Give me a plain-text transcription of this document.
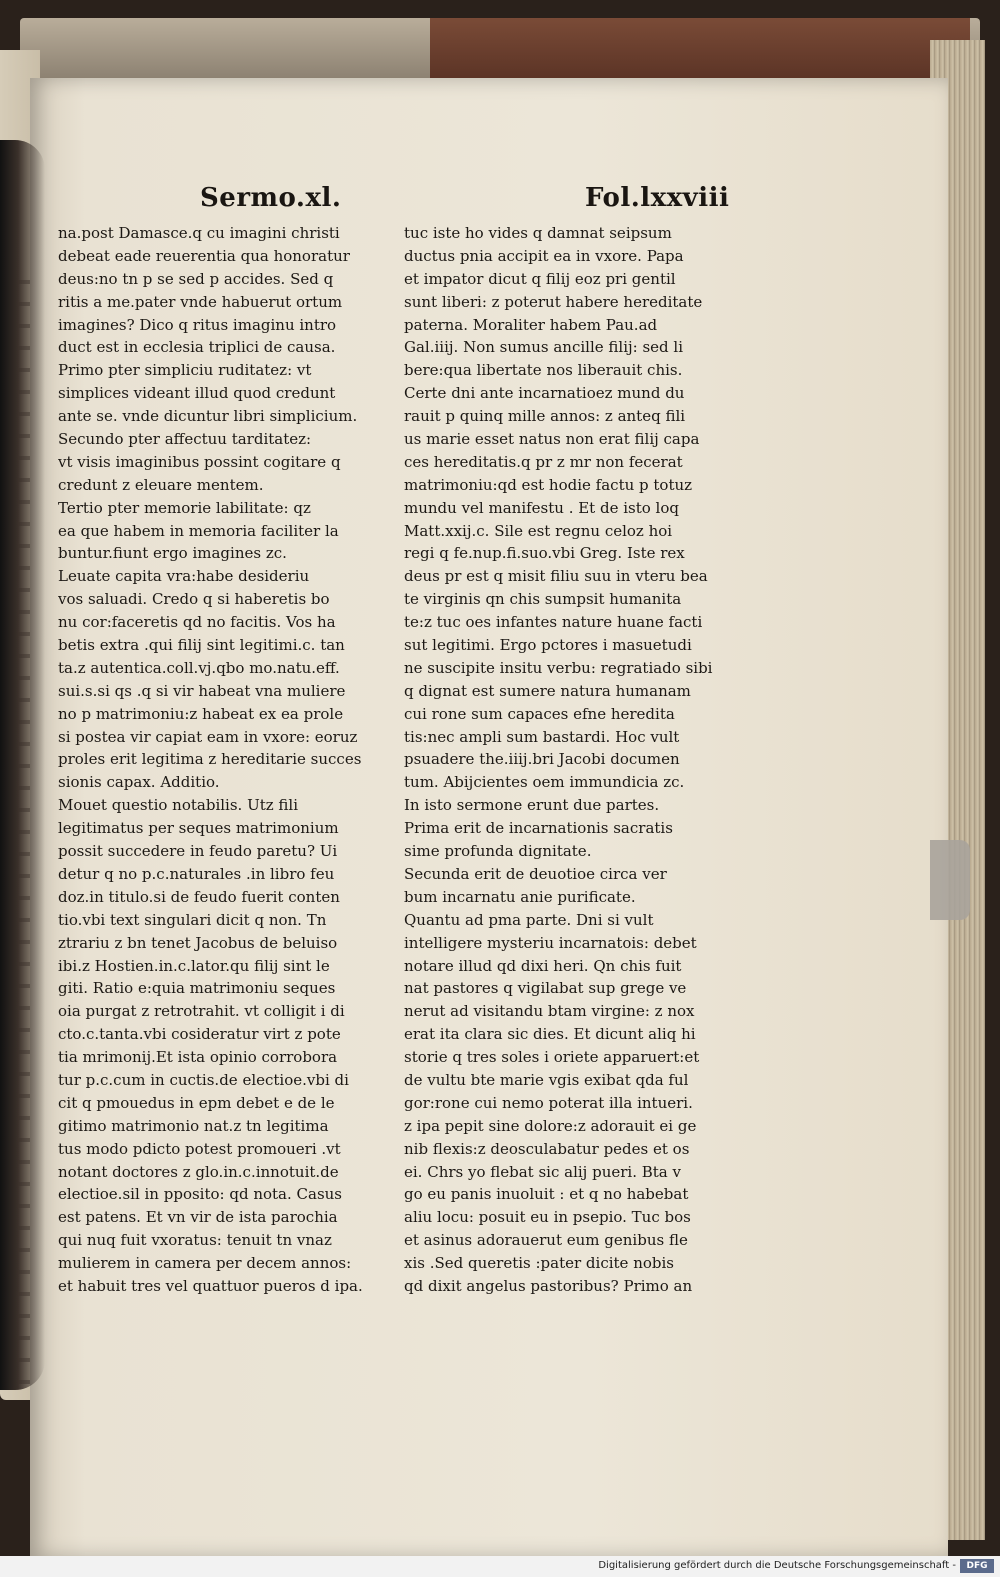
Sermo.xl.	Fol.lxxviii
na.post Damasce.q cu imagini christi
debeat eade reuerentia qua honoratur
deus:no tn p se sed p accides. Sed q
ritis a me.pater vnde habuerut ortum
imagines? Dico q ritus imaginu intro
duct est in ecclesia triplici de causa.
Primo pter simpliciu ruditatez: vt
simplices videant illud quod credunt
ante se. vnde dicuntur libri simplicium.
Secundo pter affectuu tarditatez:
vt visis imaginibus possint cogitare q
credunt z eleuare mentem.
Tertio pter memorie labilitate: qz
ea que habem in memoria faciliter la
buntur.fiunt ergo imagines zc.
Leuate capita vra:habe desideriu
vos saluadi. Credo q si haberetis bo
nu cor:faceretis qd no facitis. Vos ha
betis extra .qui filij sint legitimi.c. tan
ta.z autentica.coll.vj.qbo mo.natu.eff.
sui.s.si qs .q si vir habeat vna muliere
no p matrimoniu:z habeat ex ea prole
si postea vir capiat eam in vxore: eoruz
proles erit legitima z hereditarie succes
sionis capax. Additio.
Mouet questio notabilis. Utz fili
legitimatus per seques matrimonium
possit succedere in feudo paretu? Ui
detur q no p.c.naturales .in libro feu
doz.in titulo.si de feudo fuerit conten
tio.vbi text singulari dicit q non. Tn
ztrariu z bn tenet Jacobus de beluiso
ibi.z Hostien.in.c.lator.qu filij sint le
giti. Ratio e:quia matrimoniu seques
oia purgat z retrotrahit. vt colligit i di
cto.c.tanta.vbi cosideratur virt z pote
tia mrimonij.Et ista opinio corrobora
tur p.c.cum in cuctis.de electioe.vbi di
cit q pmouedus in epm debet e de le
gitimo matrimonio nat.z tn legitima
tus modo pdicto potest promoueri .vt
notant doctores z glo.in.c.innotuit.de
electioe.sil in pposito: qd nota. Casus
est patens. Et vn vir de ista parochia
qui nuq fuit vxoratus: tenuit tn vnaz
mulierem in camera per decem annos:
et habuit tres vel quattuor pueros d ipa.
tuc iste ho vides q damnat seipsum
ductus pnia accipit ea in vxore. Papa
et impator dicut q filij eoz pri gentil
sunt liberi: z poterut habere hereditate
paterna. Moraliter habem Pau.ad
Gal.iiij. Non sumus ancille filij: sed li
bere:qua libertate nos liberauit chis.
Certe dni ante incarnatioez mund du
rauit p quinq mille annos: z anteq fili
us marie esset natus non erat filij capa
ces hereditatis.q pr z mr non fecerat
matrimoniu:qd est hodie factu p totuz
mundu vel manifestu . Et de isto loq
Matt.xxij.c. Sile est regnu celoz hoi
regi q fe.nup.fi.suo.vbi Greg. Iste rex
deus pr est q misit filiu suu in vteru bea
te virginis qn chis sumpsit humanita
te:z tuc oes infantes nature huane facti
sut legitimi. Ergo pctores i masuetudi
ne suscipite insitu verbu: regratiado sibi
q dignat est sumere natura humanam
cui rone sum capaces efne heredita
tis:nec ampli sum bastardi. Hoc vult
psuadere the.iiij.bri Jacobi documen
tum. Abijcientes oem immundicia zc.
In isto sermone erunt due partes.
Prima erit de incarnationis sacratis
sime profunda dignitate.
Secunda erit de deuotioe circa ver
bum incarnatu anie purificate.
Quantu ad pma parte. Dni si vult
intelligere mysteriu incarnatois: debet
notare illud qd dixi heri. Qn chis fuit
nat pastores q vigilabat sup grege ve
nerut ad visitandu btam virgine: z nox
erat ita clara sic dies. Et dicunt aliq hi
storie q tres soles i oriete apparuert:et
de vultu bte marie vgis exibat qda ful
gor:rone cui nemo poterat illa intueri.
z ipa pepit sine dolore:z adorauit ei ge
nib flexis:z deosculabatur pedes et os
ei. Chrs yo flebat sic alij pueri. Bta v
go eu panis inuoluit : et q no habebat
aliu locu: posuit eu in psepio. Tuc bos
et asinus adorauerut eum genibus fle
xis .Sed queretis :pater dicite nobis
qd dixit angelus pastoribus? Primo an
Digitalisierung gefördert durch die Deutsche Forschungsgemeinschaft -	DFG
